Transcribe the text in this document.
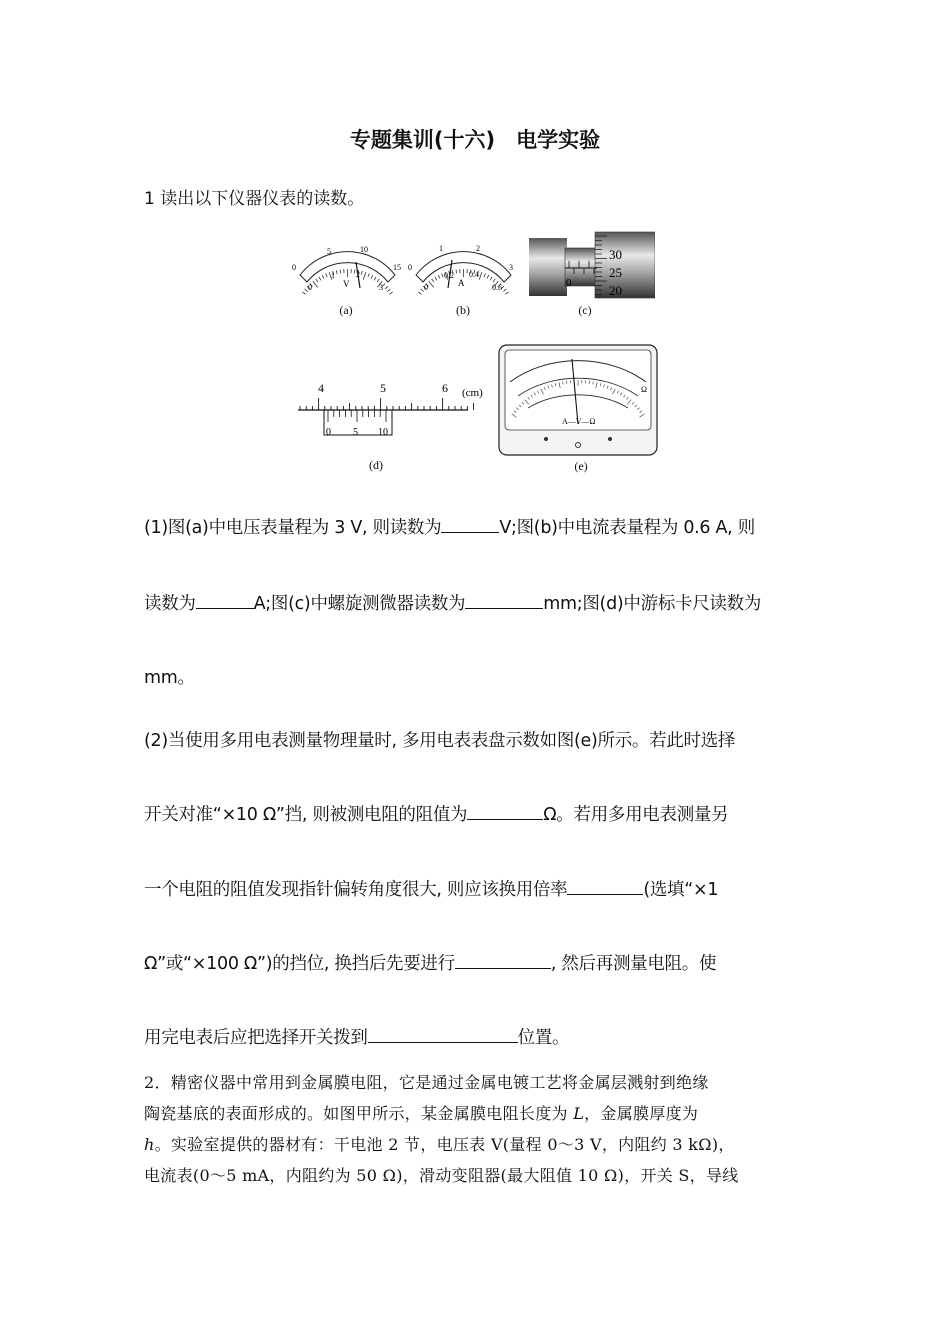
专题集训(十六)　电学实验
1 读出以下仪器仪表的读数。
0
5	10
15
0
1	2
3
V
(a)
0
1	2
3
0
0.2 0.4
0.6
A
(b)
0
30
25
20
(c)
4	5	6 (cm)
0 5 10
(d)
Ω
A—V—Ω
(e)
(1)图(a)中电压表量程为 3 V, 则读数为	V;图(b)中电流表量程为 0.6 A, 则
读数为	A;图(c)中螺旋测微器读数为	mm;图(d)中游标卡尺读数为
mm。
(2)当使用多用电表测量物理量时, 多用电表表盘示数如图(e)所示。若此时选择
开关对准“×10 Ω”挡, 则被测电阻的阻值为	Ω。若用多用电表测量另
一个电阻的阻值发现指针偏转角度很大, 则应该换用倍率	(选填“×1
Ω”或“×100 Ω”)的挡位, 换挡后先要进行	, 然后再测量电阻。使
用完电表后应把选择开关拨到	位置。
2．精密仪器中常用到金属膜电阻，它是通过金属电镀工艺将金属层溅射到绝缘
陶瓷基底的表面形成的。如图甲所示，某金属膜电阻长度为 L，金属膜厚度为
h。实验室提供的器材有：干电池 2 节，电压表 V(量程 0～3 V，内阻约 3 kΩ)，
电流表(0～5 mA，内阻约为 50 Ω)，滑动变阻器(最大阻值 10 Ω)，开关 S，导线
